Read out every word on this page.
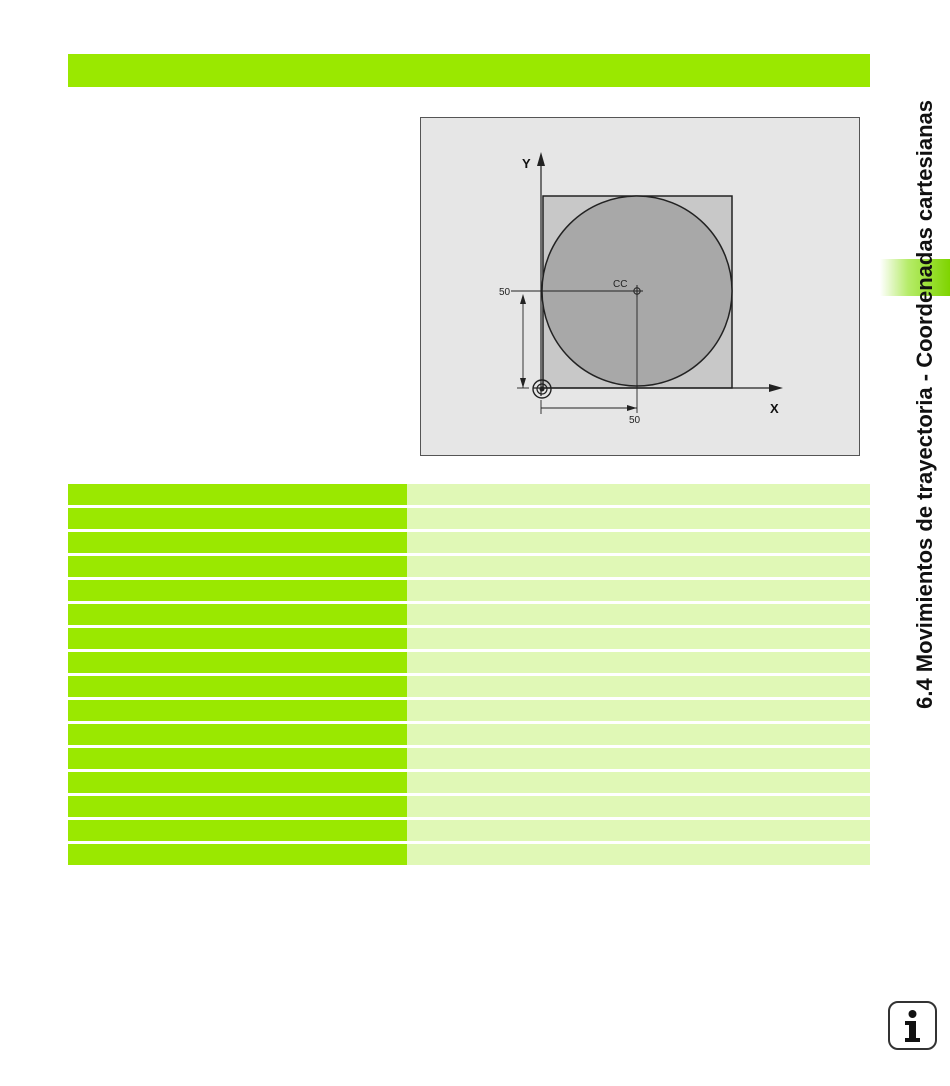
Y
X
CC
50
50	6.4 Movimientos de trayectoria - Coordenadas cartesianas
